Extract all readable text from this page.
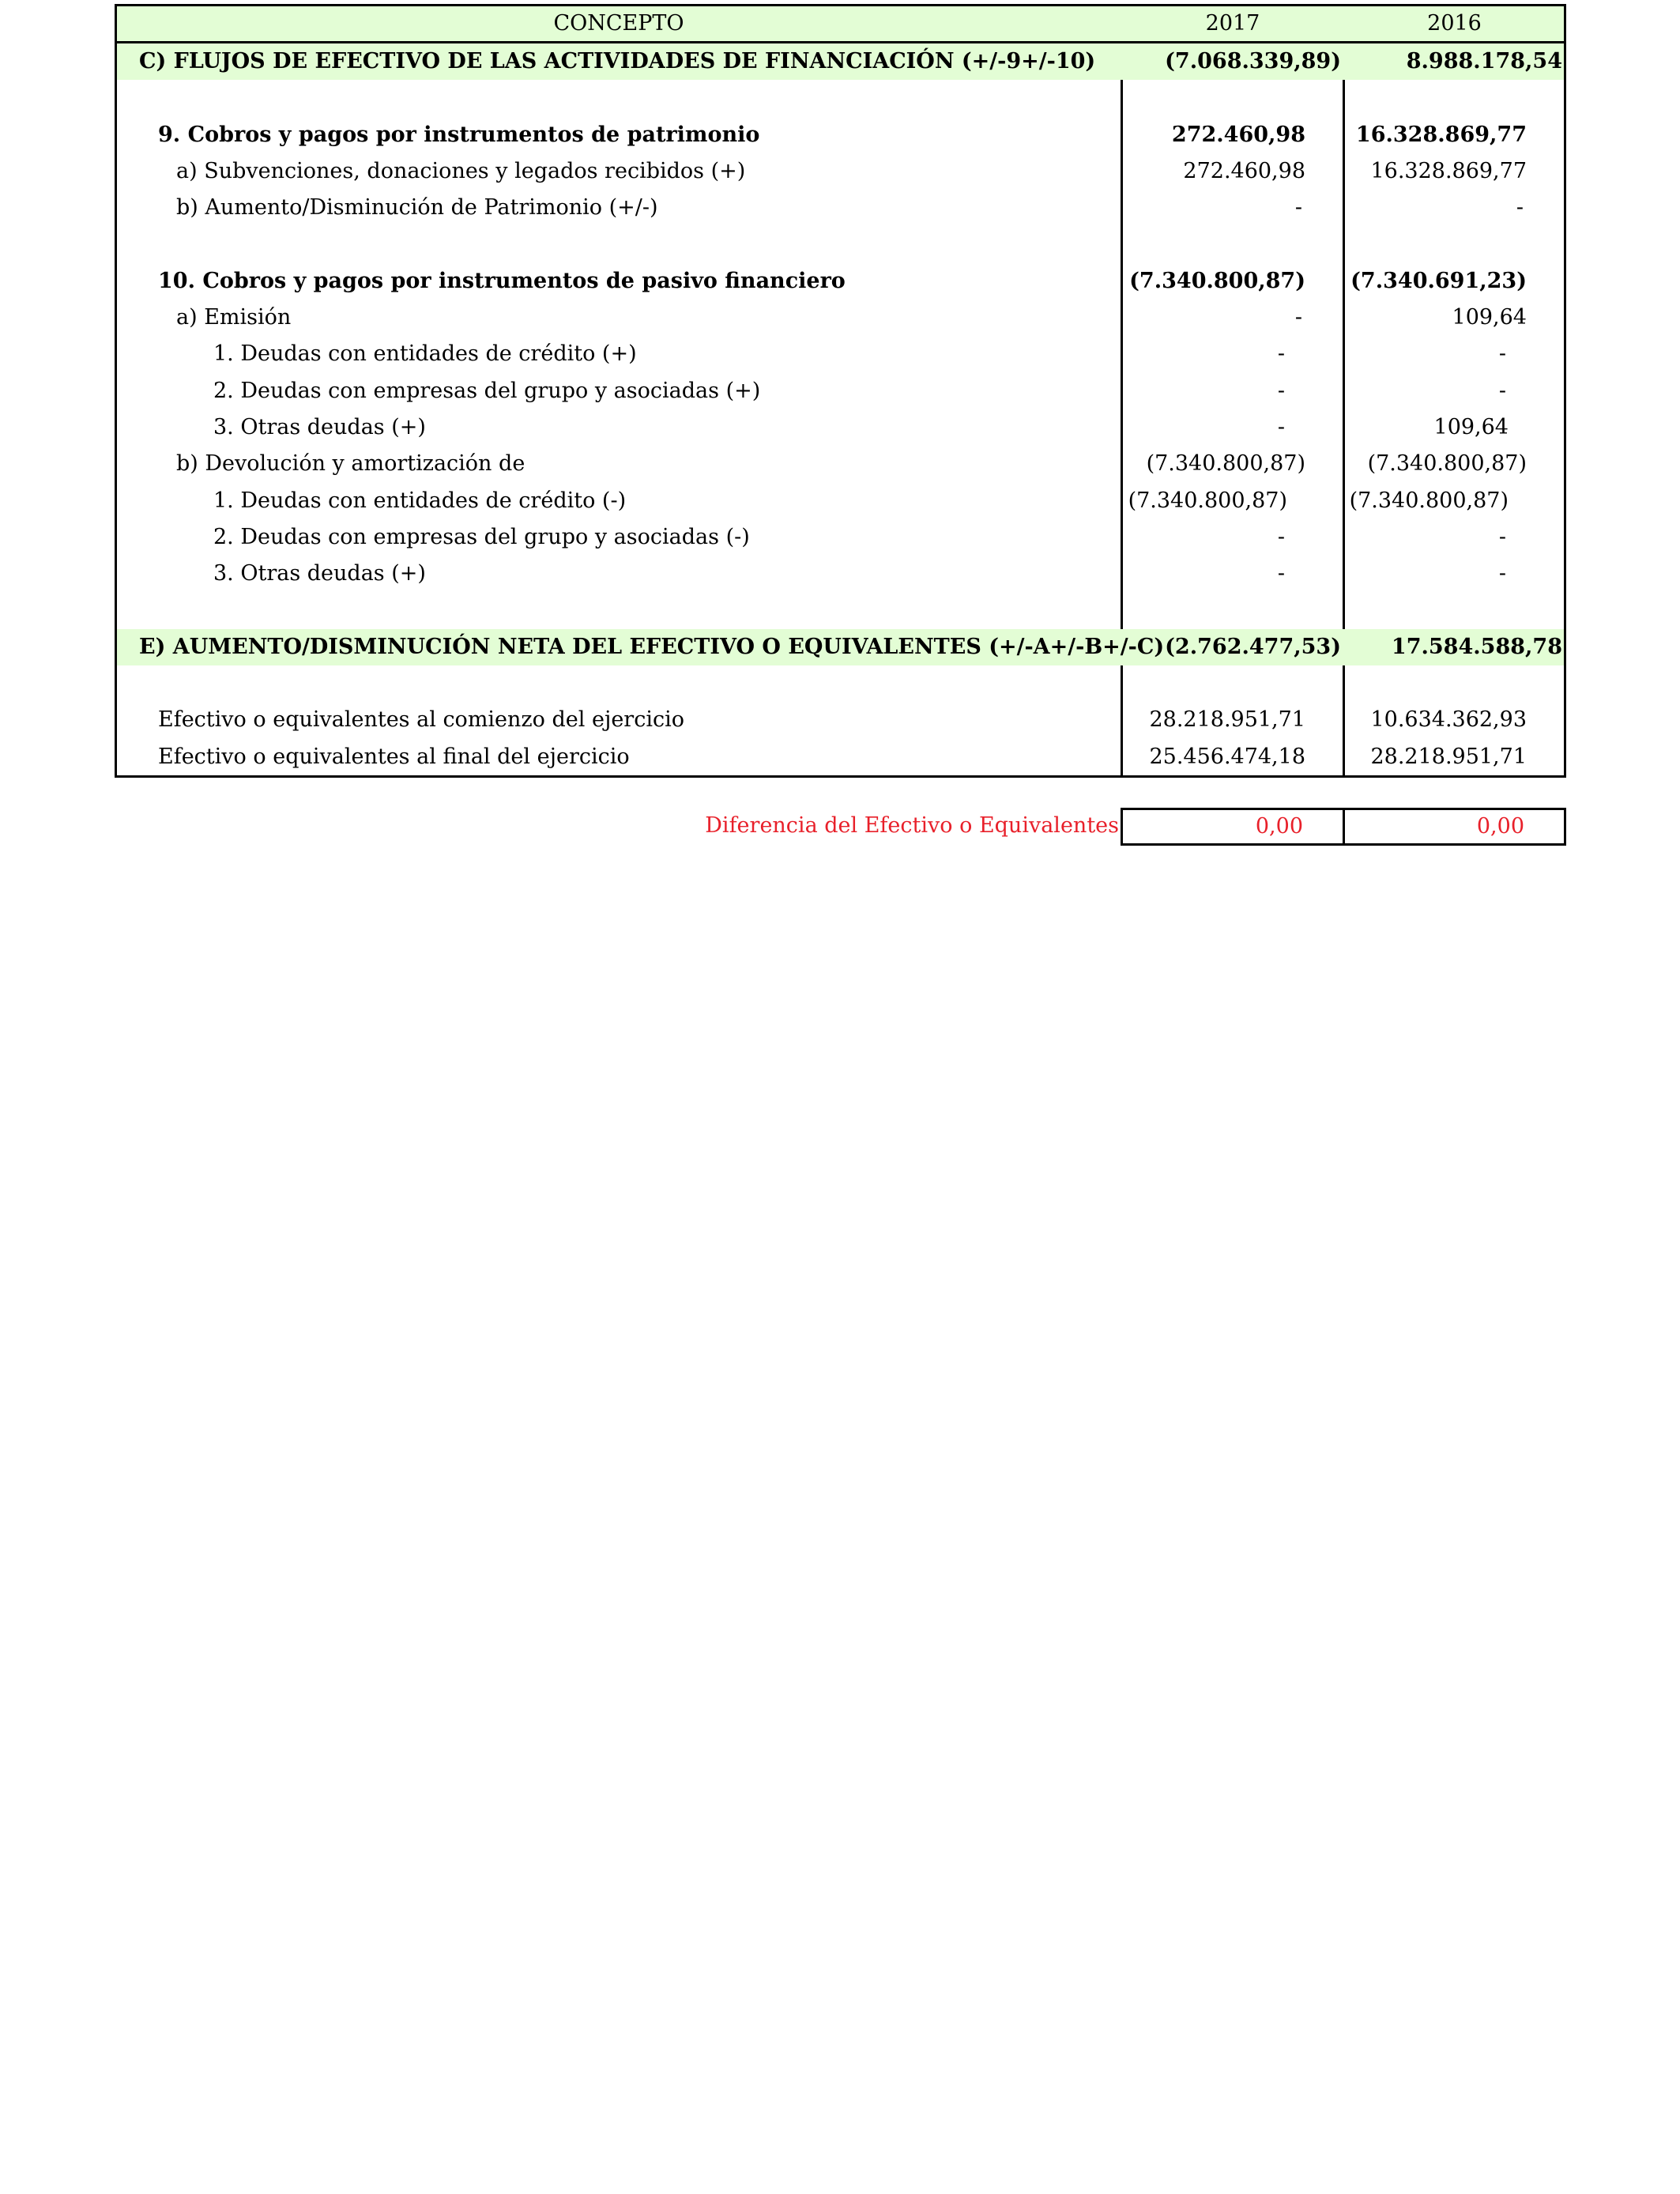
CONCEPTO	2017	2016
C) FLUJOS DE EFECTIVO DE LAS ACTIVIDADES DE FINANCIACIÓN (+/-9+/-10)	(7.068.339,89)	8.988.178,54
9. Cobros y pagos por instrumentos de patrimonio	272.460,98	16.328.869,77
a) Subvenciones, donaciones y legados recibidos (+)	272.460,98	16.328.869,77
b) Aumento/Disminución de Patrimonio (+/-)	-	-
10. Cobros y pagos por instrumentos de pasivo financiero	(7.340.800,87)	(7.340.691,23)
a) Emisión	-	109,64
1. Deudas con entidades de crédito (+)	-	-
2. Deudas con empresas del grupo y asociadas (+)	-	-
3. Otras deudas (+)	-	109,64
b) Devolución y amortización de	(7.340.800,87)	(7.340.800,87)
1. Deudas con entidades de crédito (-)	(7.340.800,87)	(7.340.800,87)
2. Deudas con empresas del grupo y asociadas (-)	-	-
3. Otras deudas (+)	-	-
E) AUMENTO/DISMINUCIÓN NETA DEL EFECTIVO O EQUIVALENTES (+/-A+/-B+/-C) (2.762.477,53)	17.584.588,78
Efectivo o equivalentes al comienzo del ejercicio	28.218.951,71	10.634.362,93
Efectivo o equivalentes al final del ejercicio	25.456.474,18	28.218.951,71
Diferencia del Efectivo o Equivalentes	0,00	0,00
